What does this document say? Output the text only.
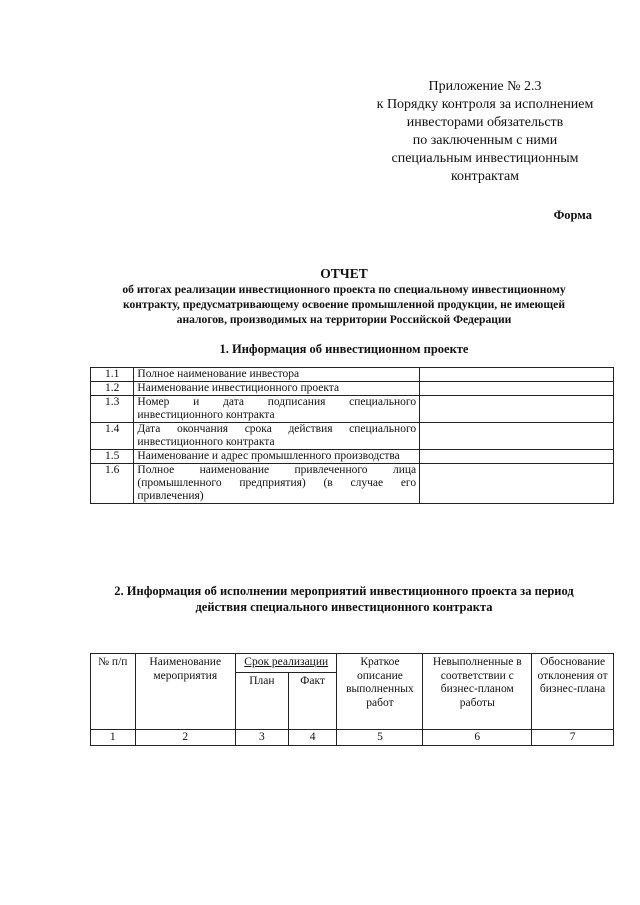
Приложение № 2.3
к Порядку контроля за исполнением
инвесторами обязательств
по заключенным с ними
специальным инвестиционным
контрактам
Форма
ОТЧЕТ
об итогах реализации инвестиционного проекта по специальному инвестиционному
контракту, предусматривающему освоение промышленной продукции, не имеющей
аналогов, производимых на территории Российской Федерации
1. Информация об инвестиционном проекте
1.1	Полное наименование инвестора	
1.2	Наименование инвестиционного проекта	
1.3	Номер и дата подписания специального инвестиционного контракта	
1.4	Дата окончания срока действия специального инвестиционного контракта	
1.5	Наименование и адрес промышленного производства	
1.6	Полное наименование привлеченного лица (промышленного предприятия) (в случае его привлечения)	
2. Информация об исполнении мероприятий инвестиционного проекта за период
действия специального инвестиционного контракта
№ п/п	Наименование мероприятия	Срок реализации		Краткое описание выполненных работ	Невыполненные в соответствии с бизнес-планом работы	Обоснование отклонения от бизнес-плана
		План	Факт			
1	2	3	4	5	6	7
